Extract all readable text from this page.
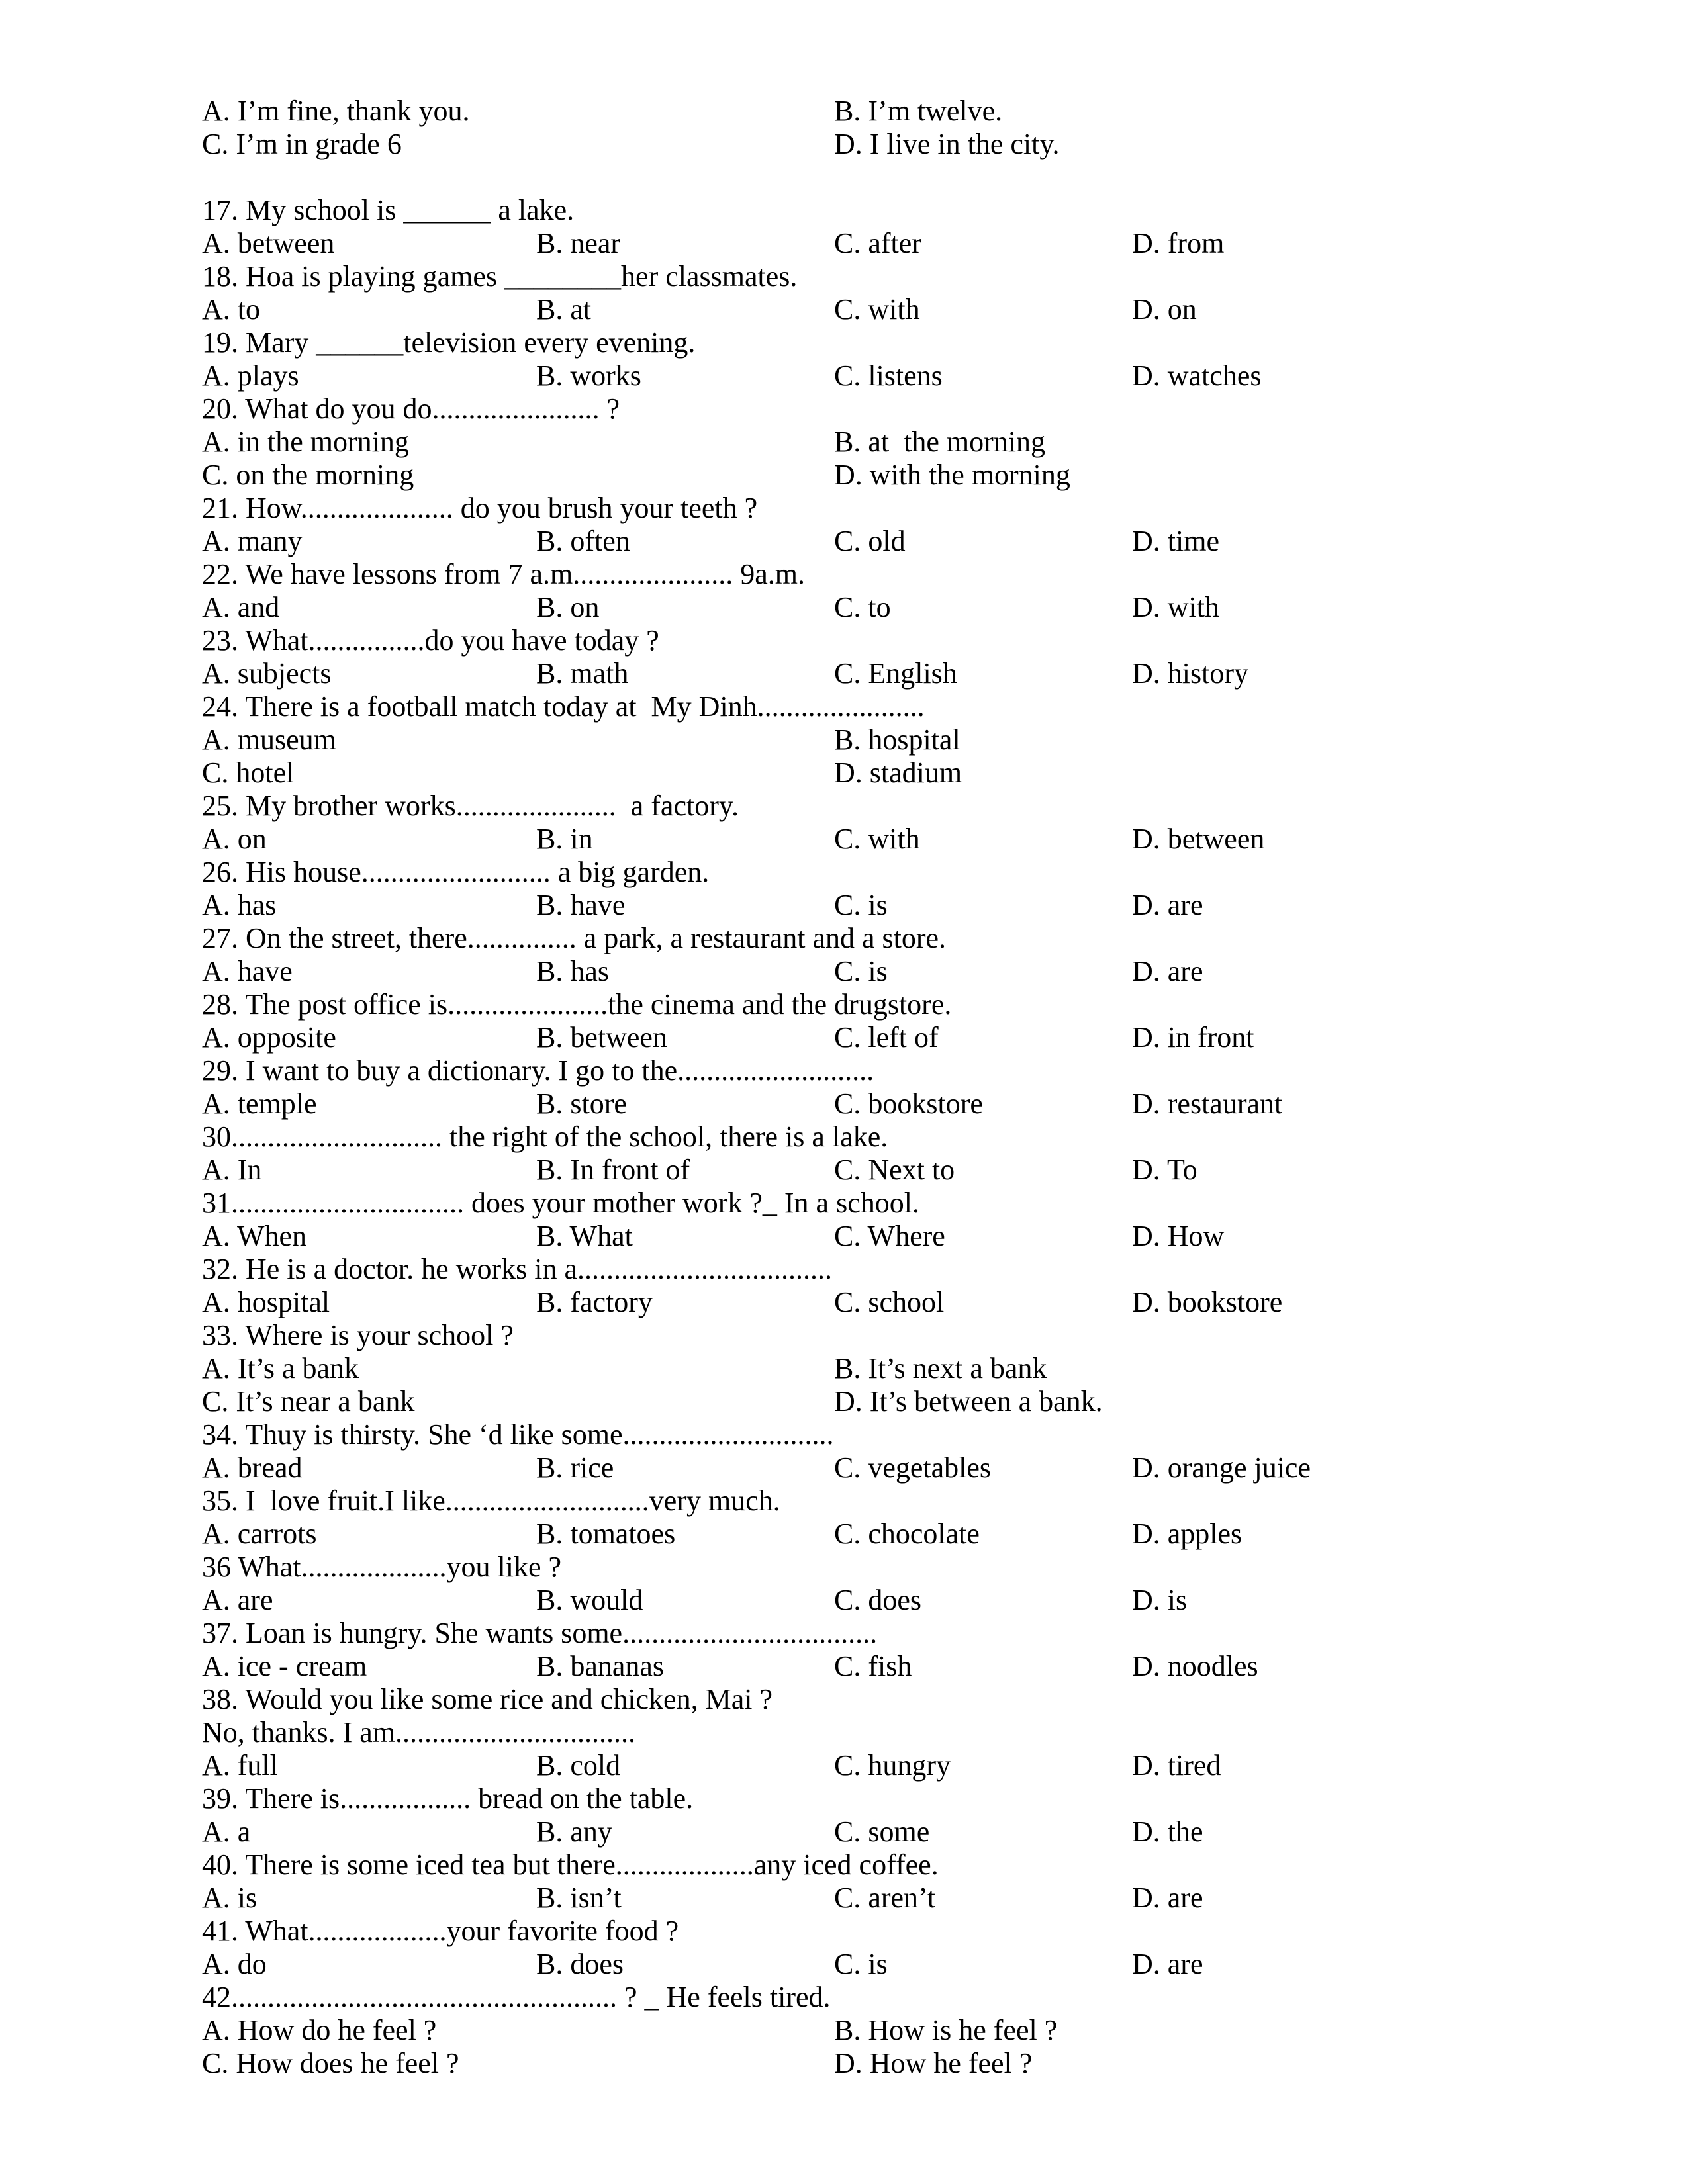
A. I’m fine, thank you.	B. I’m twelve.
C. I’m in grade 6	D. I live in the city.
17. My school is ______ a lake.
A. between	B. near	C. after	D. from
18. Hoa is playing games ________her classmates.
A. to	B. at	C. with	D. on
19. Mary ______television every evening.
A. plays	B. works	C. listens	D. watches
20. What do you do....................... ?
A. in the morning	B. at  the morning
C. on the morning	D. with the morning
21. How..................... do you brush your teeth ?
A. many	B. often	C. old	D. time
22. We have lessons from 7 a.m...................... 9a.m.
A. and	B. on	C. to	D. with
23. What................do you have today ?
A. subjects	B. math	C. English	D. history
24. There is a football match today at  My Dinh.......................
A. museum	B. hospital
C. hotel	D. stadium
25. My brother works......................  a factory.
A. on	B. in	C. with	D. between
26. His house.......................... a big garden.
A. has	B. have	C. is	D. are
27. On the street, there............... a park, a restaurant and a store.
A. have	B. has	C. is	D. are
28. The post office is......................the cinema and the drugstore.
A. opposite	B. between	C. left of	D. in front
29. I want to buy a dictionary. I go to the...........................
A. temple	B. store	C. bookstore	D. restaurant
30............................. the right of the school, there is a lake.
A. In	B. In front of	C. Next to	D. To
31................................ does your mother work ?_ In a school.
A. When	B. What	C. Where	D. How
32. He is a doctor. he works in a...................................
A. hospital	B. factory	C. school	D. bookstore
33. Where is your school ?
A. It’s a bank	B. It’s next a bank
C. It’s near a bank	D. It’s between a bank.
34. Thuy is thirsty. She ‘d like some.............................
A. bread	B. rice	C. vegetables	D. orange juice
35. I  love fruit.I like............................very much.
A. carrots	B. tomatoes	C. chocolate	D. apples
36 What....................you like ?
A. are	B. would	C. does	D. is
37. Loan is hungry. She wants some...................................
A. ice - cream	B. bananas	C. fish	D. noodles
38. Would you like some rice and chicken, Mai ?
No, thanks. I am.................................
A. full	B. cold	C. hungry	D. tired
39. There is.................. bread on the table.
A. a	B. any	C. some	D. the
40. There is some iced tea but there...................any iced coffee.
A. is	B. isn’t	C. aren’t	D. are
41. What...................your favorite food ?
A. do	B. does	C. is	D. are
42..................................................... ? _ He feels tired.
A. How do he feel ?	B. How is he feel ?
C. How does he feel ?	D. How he feel ?
